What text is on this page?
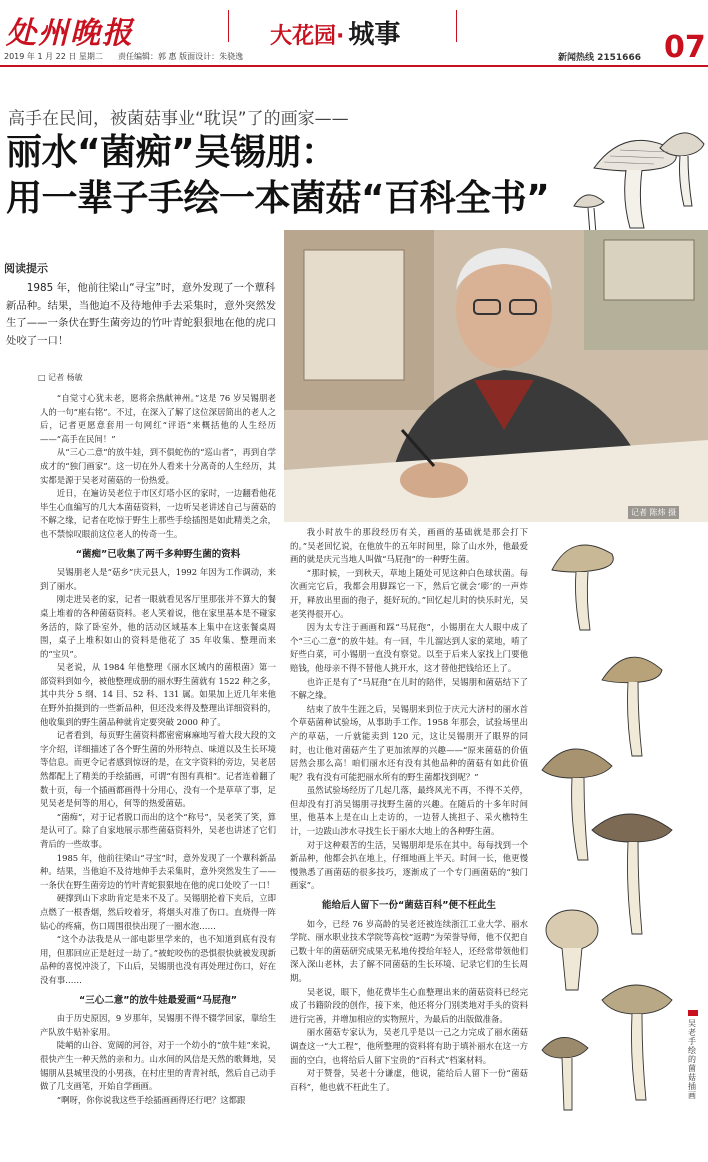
处州晚报	大花园· 城事	07
2019 年 1 月 22 日 星期二 责任编辑：郭 惠 版面设计：朱骁逸	新闻热线 2151666
高手在民间，被菌菇事业“耽误”了的画家——
丽水“菌痴”吴锡朋：
用一辈子手绘一本菌菇“百科全书”
阅读提示
1985 年，他前往梁山“寻宝”时，意外发现了一个蕈科新品种。结果，当他迫不及待地伸手去采集时，意外突然发生了——一条伏在野生菌旁边的竹叶青蛇狠狠地在他的虎口处咬了一口！
记者 陈炜 摄
□ 记者 杨敏

“自觉寸心犹未老，愿将余热献神州。”这是 76 岁吴锡朋老人的一句“座右铭”。不过，在深入了解了这位深居简出的老人之后，记者更愿意套用一句网红“评语”来概括他的人生经历——“高手在民间！”

从“三心二意”的放牛娃，到不俱蛇伤的“巡山者”，再到自学成才的“独门画家”。这一切在外人看来十分离奇的人生经历，其实都是源于吴老对菌菇的一份热爱。

近日，在遍访吴老位于市区灯塔小区的家时，一边翻看他花毕生心血编写的几大本菌菇资料，一边听吴老讲述自己与菌菇的不解之缘，记者在吃惊于野生上那些手绘插图是如此精美之余，也不禁惊叹眼前这位老人的传奇一生。

“菌痴”已收集了两千多种野生菌的资料

吴锡朋老人是“菇乡”庆元县人，1992 年因为工作调动，来到了丽水。

刚走进吴老的家，记者一眼就看见客厅里那张并不算大的餐桌上堆着的各种菌菇资料。老人笑着说，他在家里基本是不碰家务活的，除了卧室外，他的活动区域基本上集中在这张餐桌周围，桌子上堆积如山的资料是他花了 35 年收集、整理而来的“宝贝”。

吴老说，从 1984 年他整理《丽水区域内的菌根菌》第一部资料到如今，被他整理成册的丽水野生菌就有 1522 种之多，其中共分 5 纲、14 目、52 科、131 属。如果加上近几年来他在野外拍摄到的一些新品种，但还没来得及整理出详细资料的，他收集到的野生菌品种就肯定要突破 2000 种了。

记者看到，每页野生菌资料都密密麻麻地写着大段大段的文字介绍，详细描述了各个野生菌的外形特点、味道以及生长环境等信息。而更令记者感到惊讶的是，在文字资料的旁边，吴老居然都配上了精美的手绘插画，可谓“有图有真相”。记者连着翻了数十页，每一个插画都画得十分用心，没有一个是草草了事，足见吴老是何等的用心，何等的热爱菌菇。

“菌痴”，对于记者脱口而出的这个“称号”，吴老笑了笑，算是认可了。除了自家地展示那些菌菇资料外，吴老也讲述了它们背后的一些故事。

1985 年，他前往梁山“寻宝”时，意外发现了一个蕈科新品种。结果，当他迫不及待地伸手去采集时，意外突然发生了——一条伏在野生菌旁边的竹叶青蛇狠狠地在他的虎口处咬了一口！

硬撑到山下求助肯定是来不及了。吴锡朋抡着下夹后，立即点燃了一根香烟，然后咬着牙，将烟头对准了伤口。直烧得一阵钻心的疼痛，伤口周围很快出现了一圈水泡……

“这个办法我是从一部电影里学来的，也不知道到底有没有用，但那回应正是赶过一劫了。”被蛇咬伤的恐惧很快就被发现新品种的喜悦冲淡了，下山后，吴锡朋也没有再处理过伤口，好在没有事……

“三心二意”的放牛娃最爱画“马屁孢”

由于历史原因，9 岁那年，吴锡朋不得不辍学回家，靠给生产队放牛贴补家用。

陡峭的山谷、宽阔的河谷，对于一个幼小的“放牛娃”来说，很快产生一种天然的亲和力。山水间的风信是天然的歌舞地，吴锡朋从县城里没的小男孩，在村庄里的青青衬纸，然后自己动手做了几支画笔，开始自学画画。

“啊呀，你你说我这些手绘插画画得还行吧？这都跟

我小时放牛的那段经历有关，画画的基础就是那会打下的。”吴老回忆说，在他放牛的五年时间里，除了山水外，他最爱画的就是庆元当地人叫做“马屁孢”的一种野生菌。

“那时候，一到秋天，草地上随处可见这种白色球状菌。每次画完它后，我都会用脚踩它一下，然后它就会‘嘭’的一声炸开，释放出里面的孢子，挺好玩的。”回忆起儿时的快乐时光，吴老笑得很开心。

因为太专注于画画和踩“马屁孢”，小锡朋在大人眼中成了个“三心二意”的放牛娃。有一回，牛儿溜达到人家的菜地，啃了好些白菜，可小锡朋一直没有察觉。以至于后来人家找上门要他赔钱，他母亲不得不替他人挑开水，这才替他把钱给还上了。

也许正是有了“马屁孢”在儿时的陪伴，吴锡朋和菌菇结下了不解之缘。

结束了放牛生涯之后，吴锡朋来到位于庆元大济村的丽水首个草菇菌种试验场，从事助手工作。1958 年那会，试验场里出产的草菇，一斤就能卖到 120 元，这让吴锡朋开了眼界的同时，也让他对菌菇产生了更加浓厚的兴趣——“原来菌菇的价值居然会那么高！咱们丽水还有没有其他品种的菌菇有如此价值呢？我有没有可能把丽水所有的野生菌都找到呢？”

虽然试验场经历了几起几落，最终风光不再，不得不关停，但却没有打消吴锡朋寻找野生菌的兴趣。在随后的十多年时间里，他基本上是在山上走访的，一边替人挑担子、采火樵特生计，一边跋山涉水寻找生长于丽水大地上的各种野生菌。

对于这种艰苦的生活，吴锡朋却是乐在其中。每每找到一个新品种，他都会扒在地上，仔细地画上半天。时间一长，他更慢慢熟悉了画菌菇的很多技巧，逐渐成了一个专门画菌菇的“独门画家”。

能给后人留下一份“菌菇百科”便不枉此生

如今，已经 76 岁高龄的吴老还被连续浙江工业大学、丽水学院、丽水职业技术学院等高校“返聘”为荣誉导师，他不仅把自己数十年的菌菇研究成果无私地传授给年轻人，还经常带领他们深入深山老林，去了解不同菌菇的生长环境、记录它们的生长周期。

吴老说，眼下，他花费毕生心血整理出来的菌菇资料已经完成了书籍阶段的创作，接下来，他还将分门别类地对手头的资料进行完善，并增加相应的实物照片，为最后的出版做准备。

丽水菌菇专家认为，吴老几乎是以一己之力完成了丽水菌菇调查这一“大工程”，他所整理的资料将有助于填补丽水在这一方面的空白，也将给后人留下宝贵的“百科式”档案材料。

对于赞誉，吴老十分谦虚，他说，能给后人留下一份“菌菇百科”，他也就不枉此生了。

吴老手绘的菌菇插画
